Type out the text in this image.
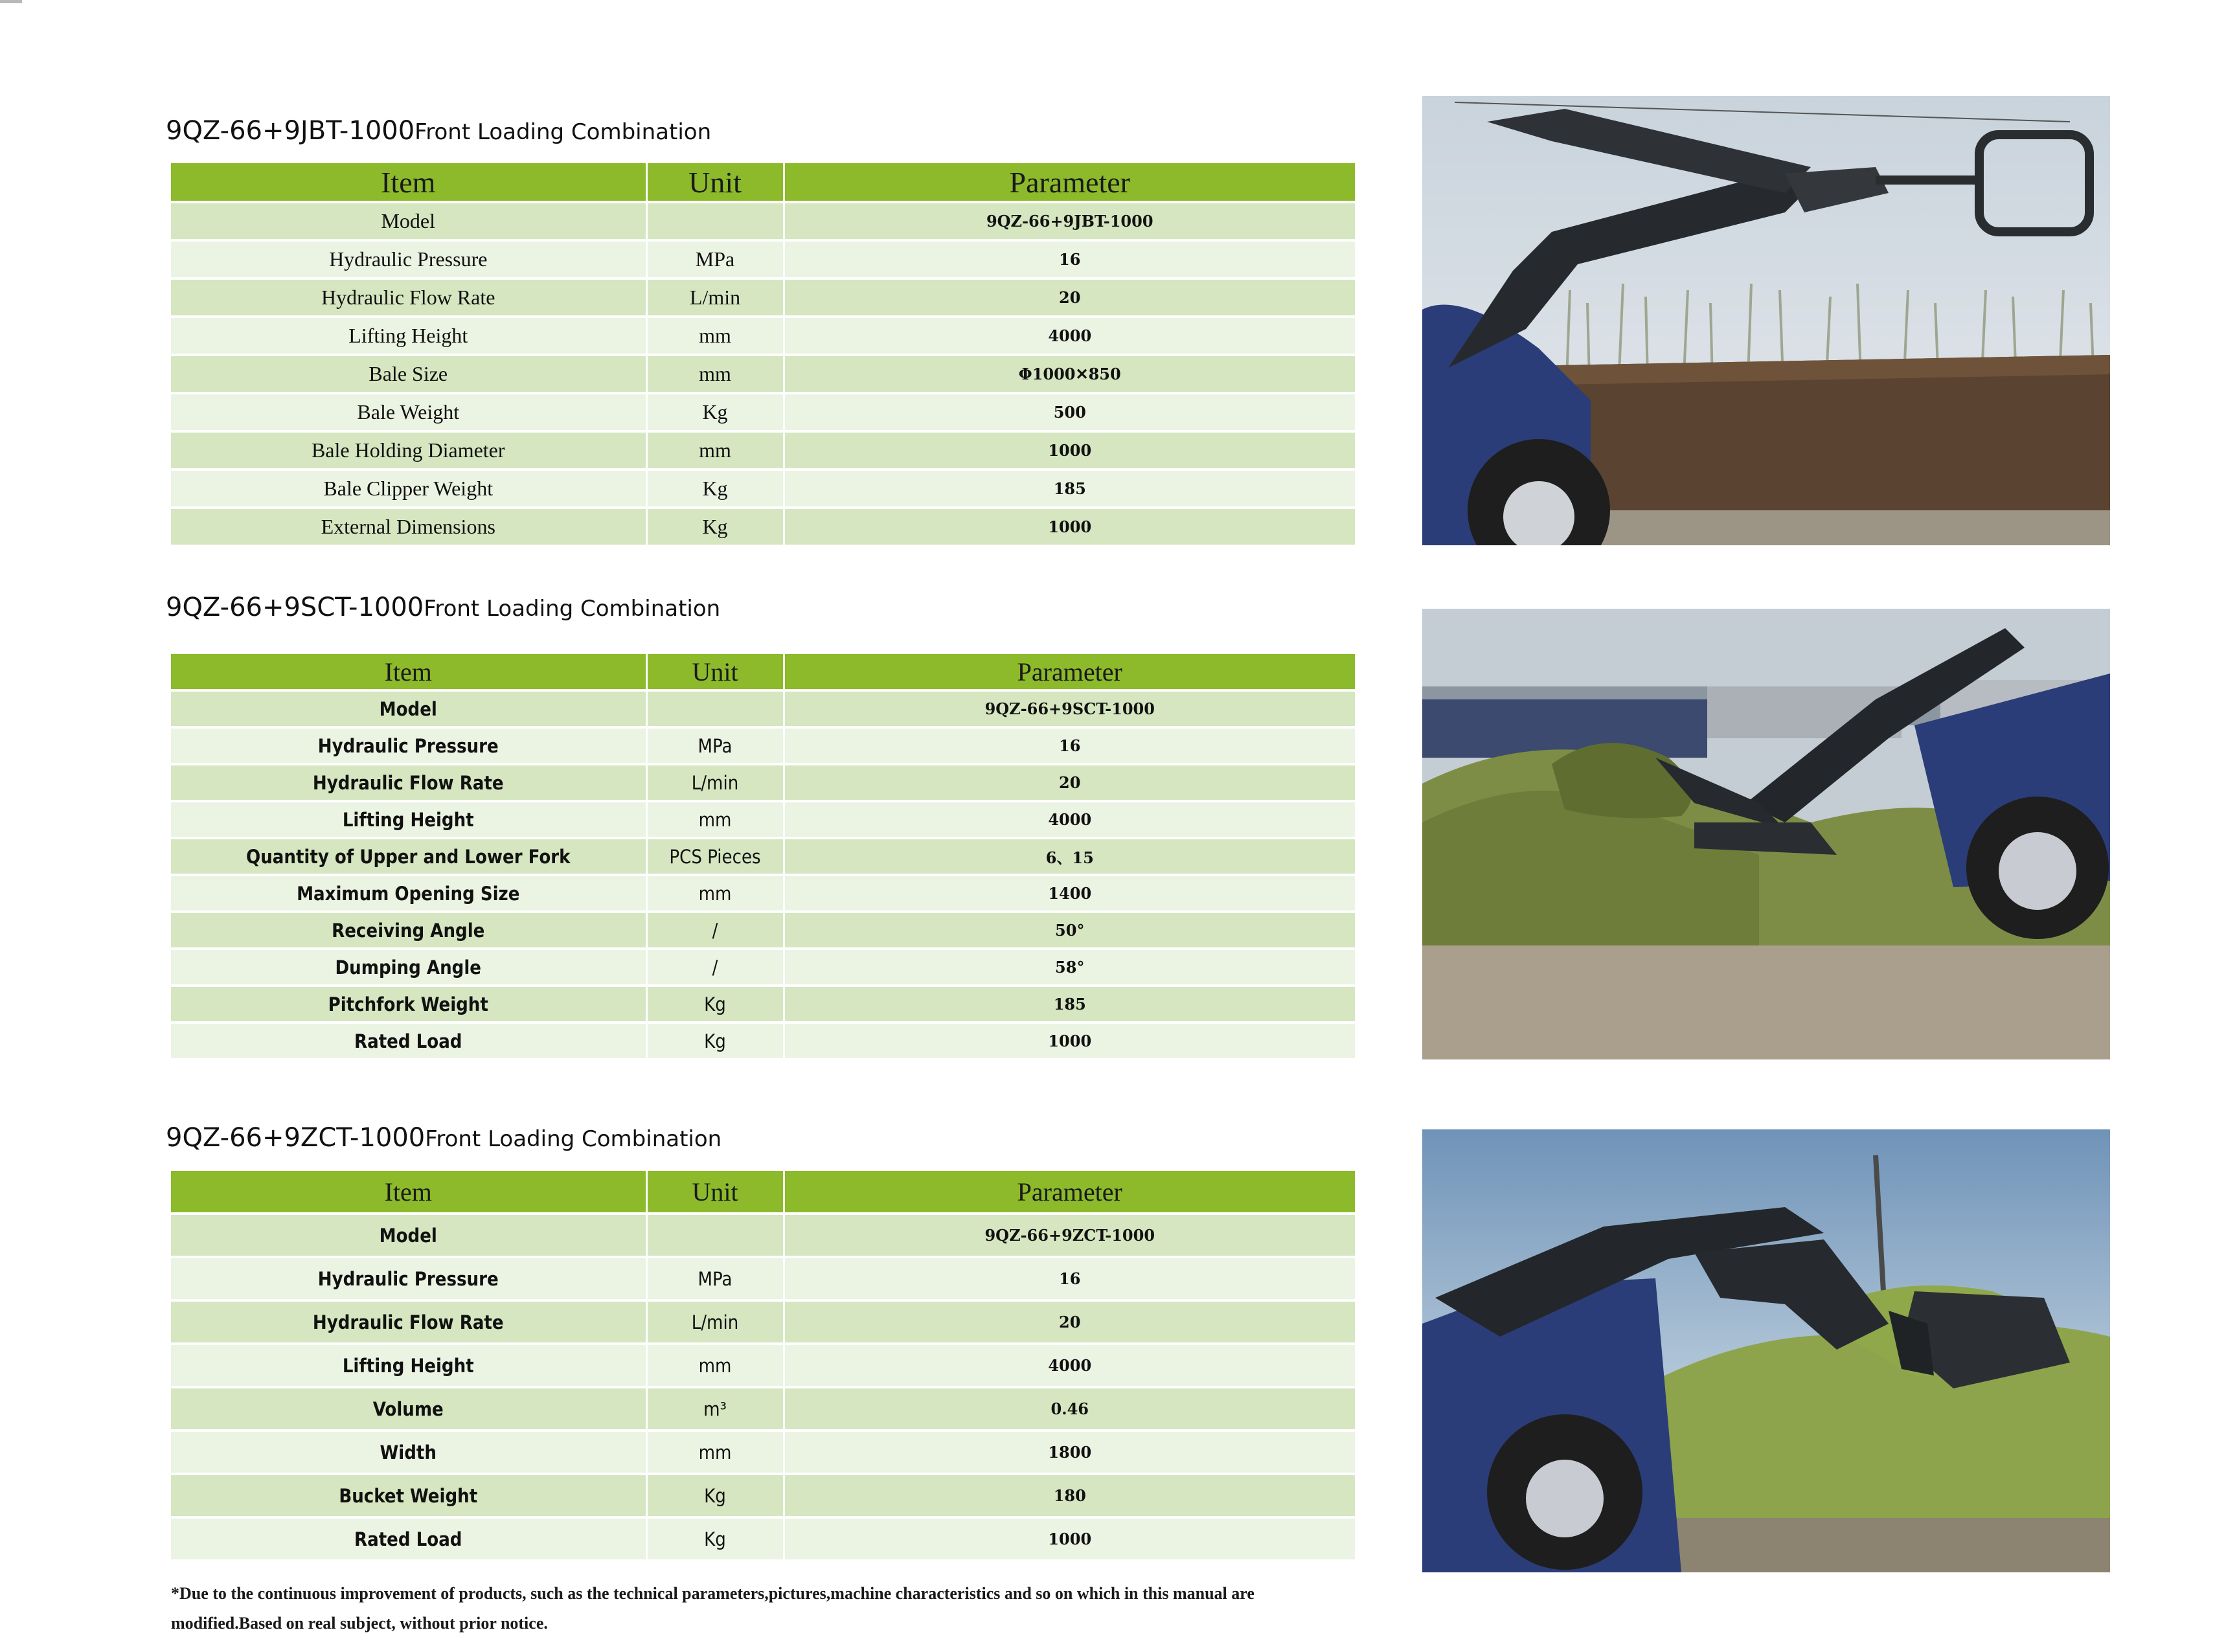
9QZ-66+9JBT-1000Front Loading Combination
Item	Unit	Parameter
Model		9QZ-66+9JBT-1000
Hydraulic Pressure	MPa	16
Hydraulic Flow Rate	L/min	20
Lifting Height	mm	4000
Bale Size	mm	Φ1000✕850
Bale Weight	Kg	500
Bale Holding Diameter	mm	1000
Bale Clipper Weight	Kg	185
External Dimensions	Kg	1000
9QZ-66+9SCT-1000Front Loading Combination
Item	Unit	Parameter
Model		9QZ-66+9SCT-1000
Hydraulic Pressure	MPa	16
Hydraulic Flow Rate	L/min	20
Lifting Height	mm	4000
Quantity of Upper and Lower Fork	PCS Pieces	6、15
Maximum Opening Size	mm	1400
Receiving Angle	/	50°
Dumping Angle	/	58°
Pitchfork Weight	Kg	185
Rated Load	Kg	1000
9QZ-66+9ZCT-1000Front Loading Combination
Item	Unit	Parameter
Model		9QZ-66+9ZCT-1000
Hydraulic Pressure	MPa	16
Hydraulic Flow Rate	L/min	20
Lifting Height	mm	4000
Volume	m³	0.46
Width	mm	1800
Bucket Weight	Kg	180
Rated Load	Kg	1000
*Due to the continuous improvement of products, such as the technical parameters,pictures,machine characteristics and so on which in this manual are
modified.Based on real subject, without prior notice.
